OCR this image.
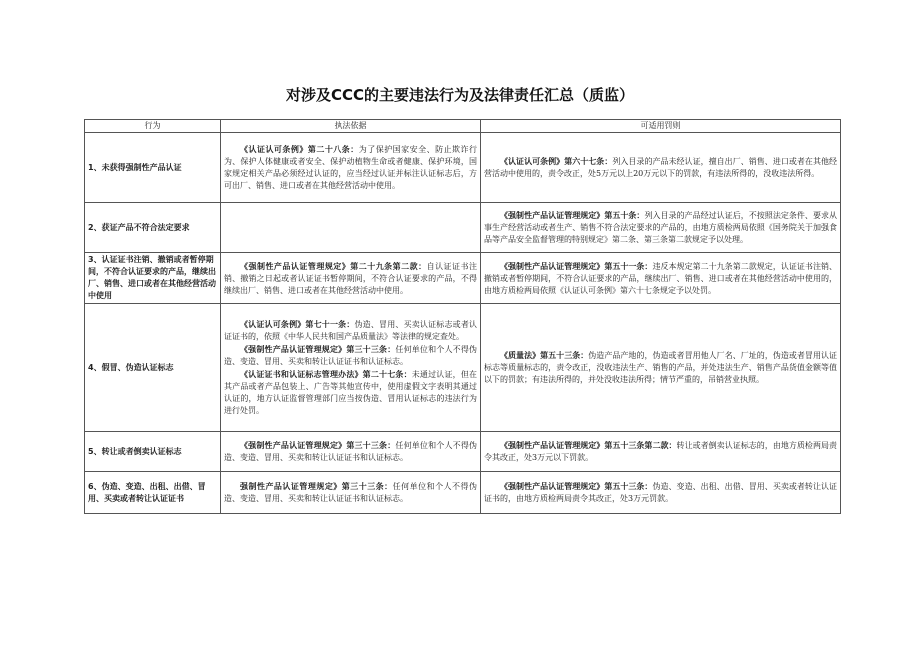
对涉及CCC的主要违法行为及法律责任汇总（质监）
行为	执法依据	可适用罚则
1、未获得强制性产品认证	《认证认可条例》第二十八条：为了保护国家安全、防止欺诈行为、保护人体健康或者安全、保护动植物生命或者健康、保护环境，国家规定相关产品必须经过认证的，应当经过认证并标注认证标志后，方可出厂、销售、进口或者在其他经营活动中使用。	《认证认可条例》第六十七条：列入目录的产品未经认证，擅自出厂、销售、进口或者在其他经营活动中使用的，责令改正，处5万元以上20万元以下的罚款，有违法所得的，没收违法所得。

2、获证产品不符合法定要求		《强制性产品认证管理规定》第五十条：列入目录的产品经过认证后，不按照法定条件、要求从事生产经营活动或者生产、销售不符合法定要求的产品的，由地方质检两局依照《国务院关于加强食品等产品安全监督管理的特别规定》第二条、第三条第二款规定予以处理。

3、认证证书注销、撤销或者暂停期间，不符合认证要求的产品，继续出厂、销售、进口或者在其他经营活动中使用	《强制性产品认证管理规定》第二十九条第二款：自认证证书注销、撤销之日起或者认证证书暂停期间，不符合认证要求的产品，不得继续出厂、销售、进口或者在其他经营活动中使用。	《强制性产品认证管理规定》第五十一条：违反本规定第二十九条第二款规定，认证证书注销、撤销或者暂停期间，不符合认证要求的产品，继续出厂、销售、进口或者在其他经营活动中使用的，由地方质检两局依照《认证认可条例》第六十七条规定予以处罚。

4、假冒、伪造认证标志	《认证认可条例》第七十一条：伪造、冒用、买卖认证标志或者认证证书的，依照《中华人民共和国产品质量法》等法律的规定查处。
《强制性产品认证管理规定》第三十三条：任何单位和个人不得伪造、变造、冒用、买卖和转让认证证书和认证标志。
《认证证书和认证标志管理办法》第二十七条：未通过认证，但在其产品或者产品包装上、广告等其他宣传中，使用虚假文字表明其通过认证的，地方认证监督管理部门应当按伪造、冒用认证标志的违法行为进行处罚。	《质量法》第五十三条：伪造产品产地的，伪造或者冒用他人厂名、厂址的，伪造或者冒用认证标志等质量标志的，责令改正，没收违法生产、销售的产品，并处违法生产、销售产品货值金额等值以下的罚款；有违法所得的，并处没收违法所得；情节严重的，吊销营业执照。

5、转让或者倒卖认证标志	《强制性产品认证管理规定》第三十三条：任何单位和个人不得伪造、变造、冒用、买卖和转让认证证书和认证标志。	《强制性产品认证管理规定》第五十三条第二款：转让或者倒卖认证标志的，由地方质检两局责令其改正，处3万元以下罚款。

6、伪造、变造、出租、出借、冒用、买卖或者转让认证证书	强制性产品认证管理规定》第三十三条：任何单位和个人不得伪造、变造、冒用、买卖和转让认证证书和认证标志。	《强制性产品认证管理规定》第五十三条：伪造、变造、出租、出借、冒用、买卖或者转让认证证书的，由地方质检两局责令其改正，处3万元罚款。
